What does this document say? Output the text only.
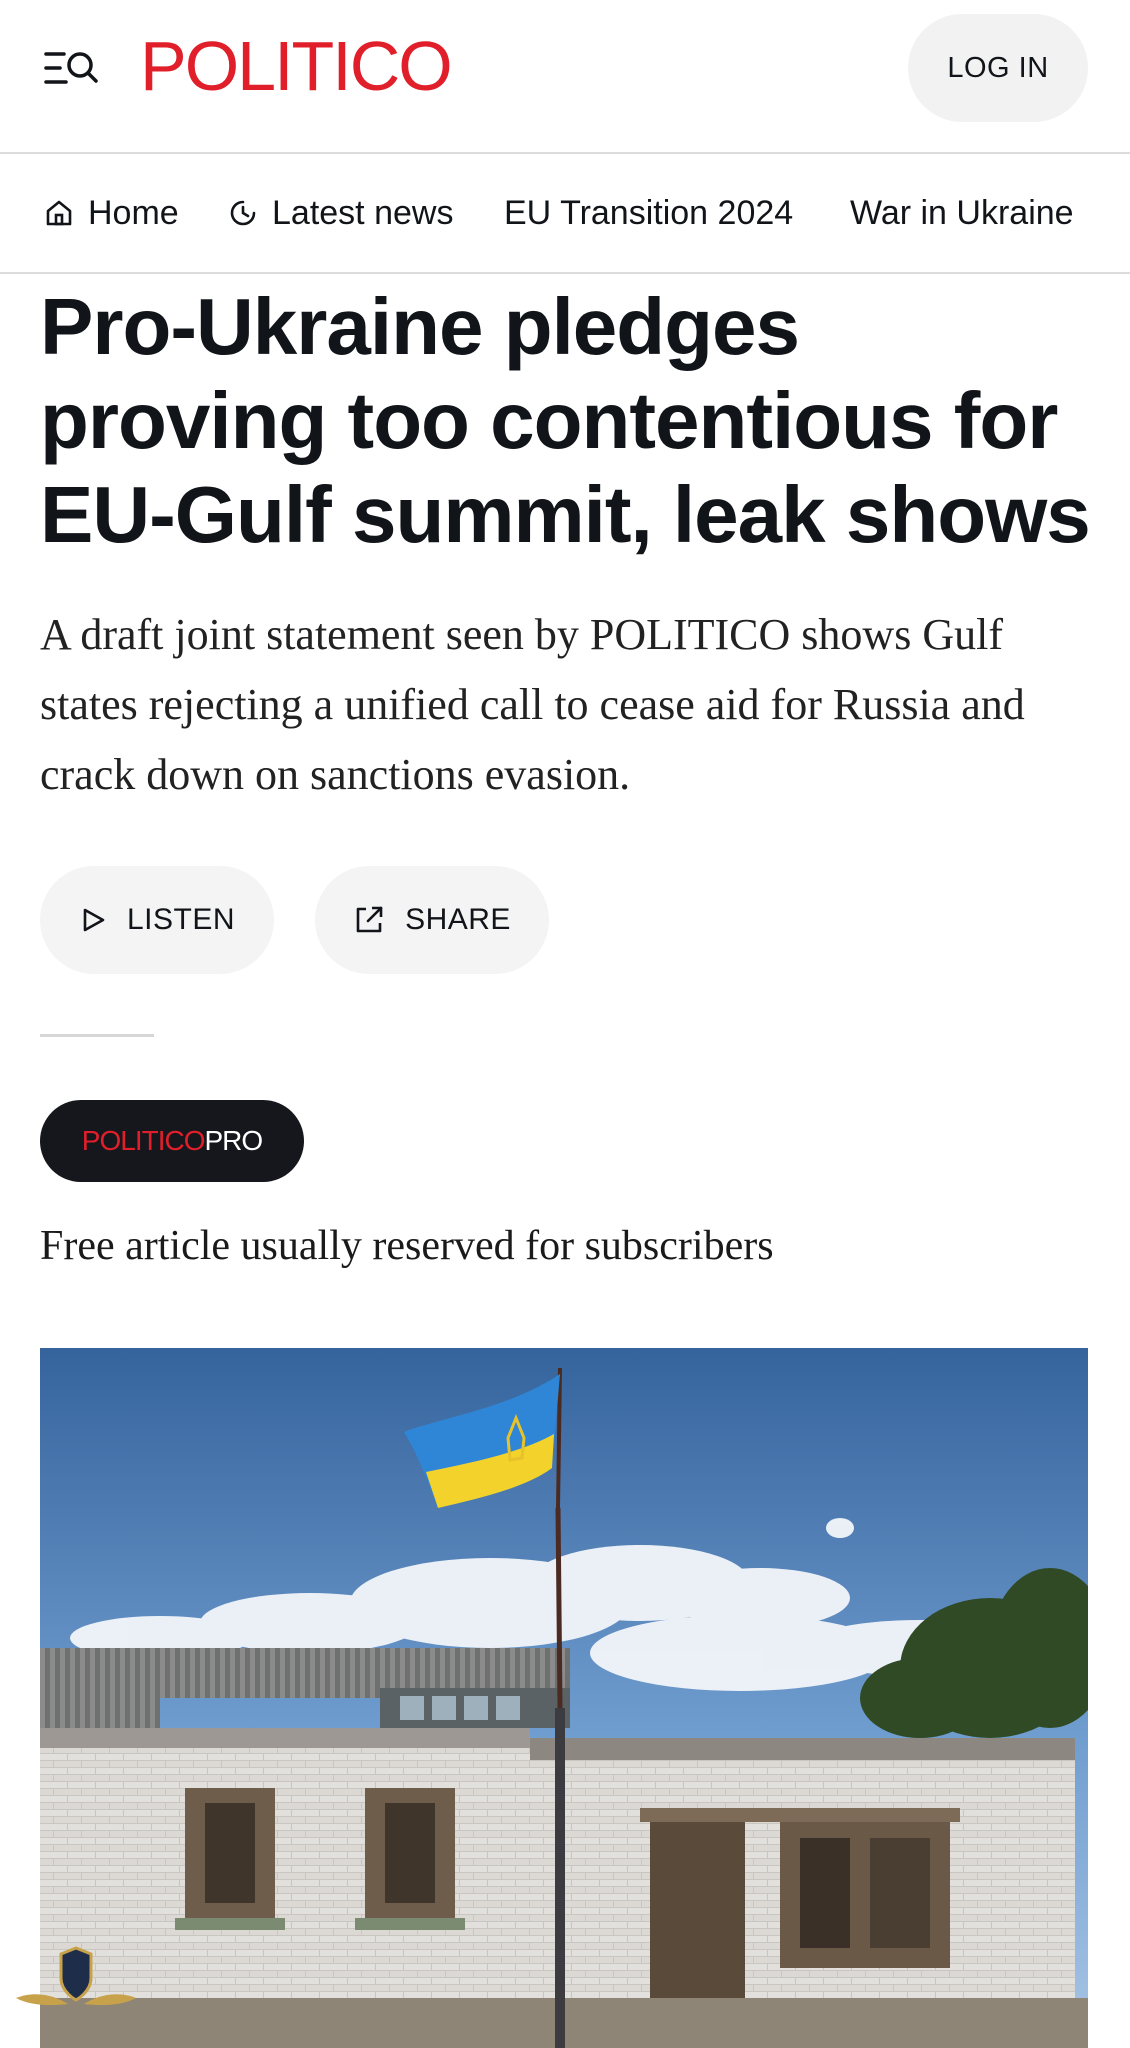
POLITICO	LOG IN
Home	Latest news EU Transition 2024 War in Ukraine
Pro-Ukraine pledges proving too contentious for EU-Gulf summit, leak shows

A draft joint statement seen by POLITICO shows Gulf states rejecting a unified call to cease aid for Russia and crack down on sanctions evasion.

LISTEN	SHARE
POLITICO PRO

Free article usually reserved for subscribers
